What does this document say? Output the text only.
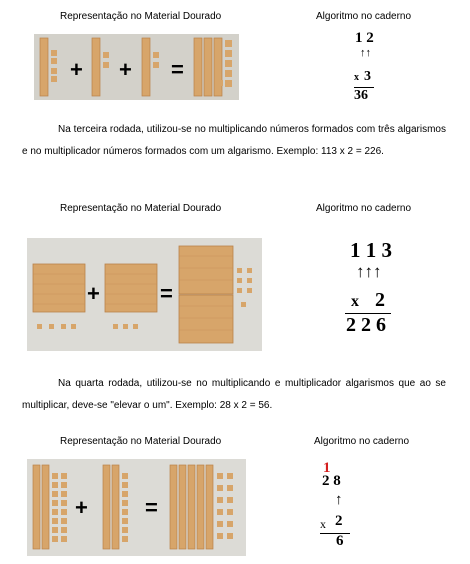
Representação no Material Dourado	Algoritmo no caderno
+ + =
1 2
↑↑
x 3
36
Na terceira rodada, utilizou-se no multiplicando números formados com três algarismos e no multiplicador números formados com um algarismo. Exemplo: 113 x 2 = 226.
Representação no Material Dourado	Algoritmo no caderno
+	=
1 1 3
↑↑↑
x 2
2 2 6
Na quarta rodada, utilizou-se no multiplicando e multiplicador algarismos que ao se multiplicar, deve-se "elevar o um". Exemplo: 28 x 2 = 56.
Representação no Material Dourado	Algoritmo no caderno
+	=
1
2 8
↑
x 2
6
